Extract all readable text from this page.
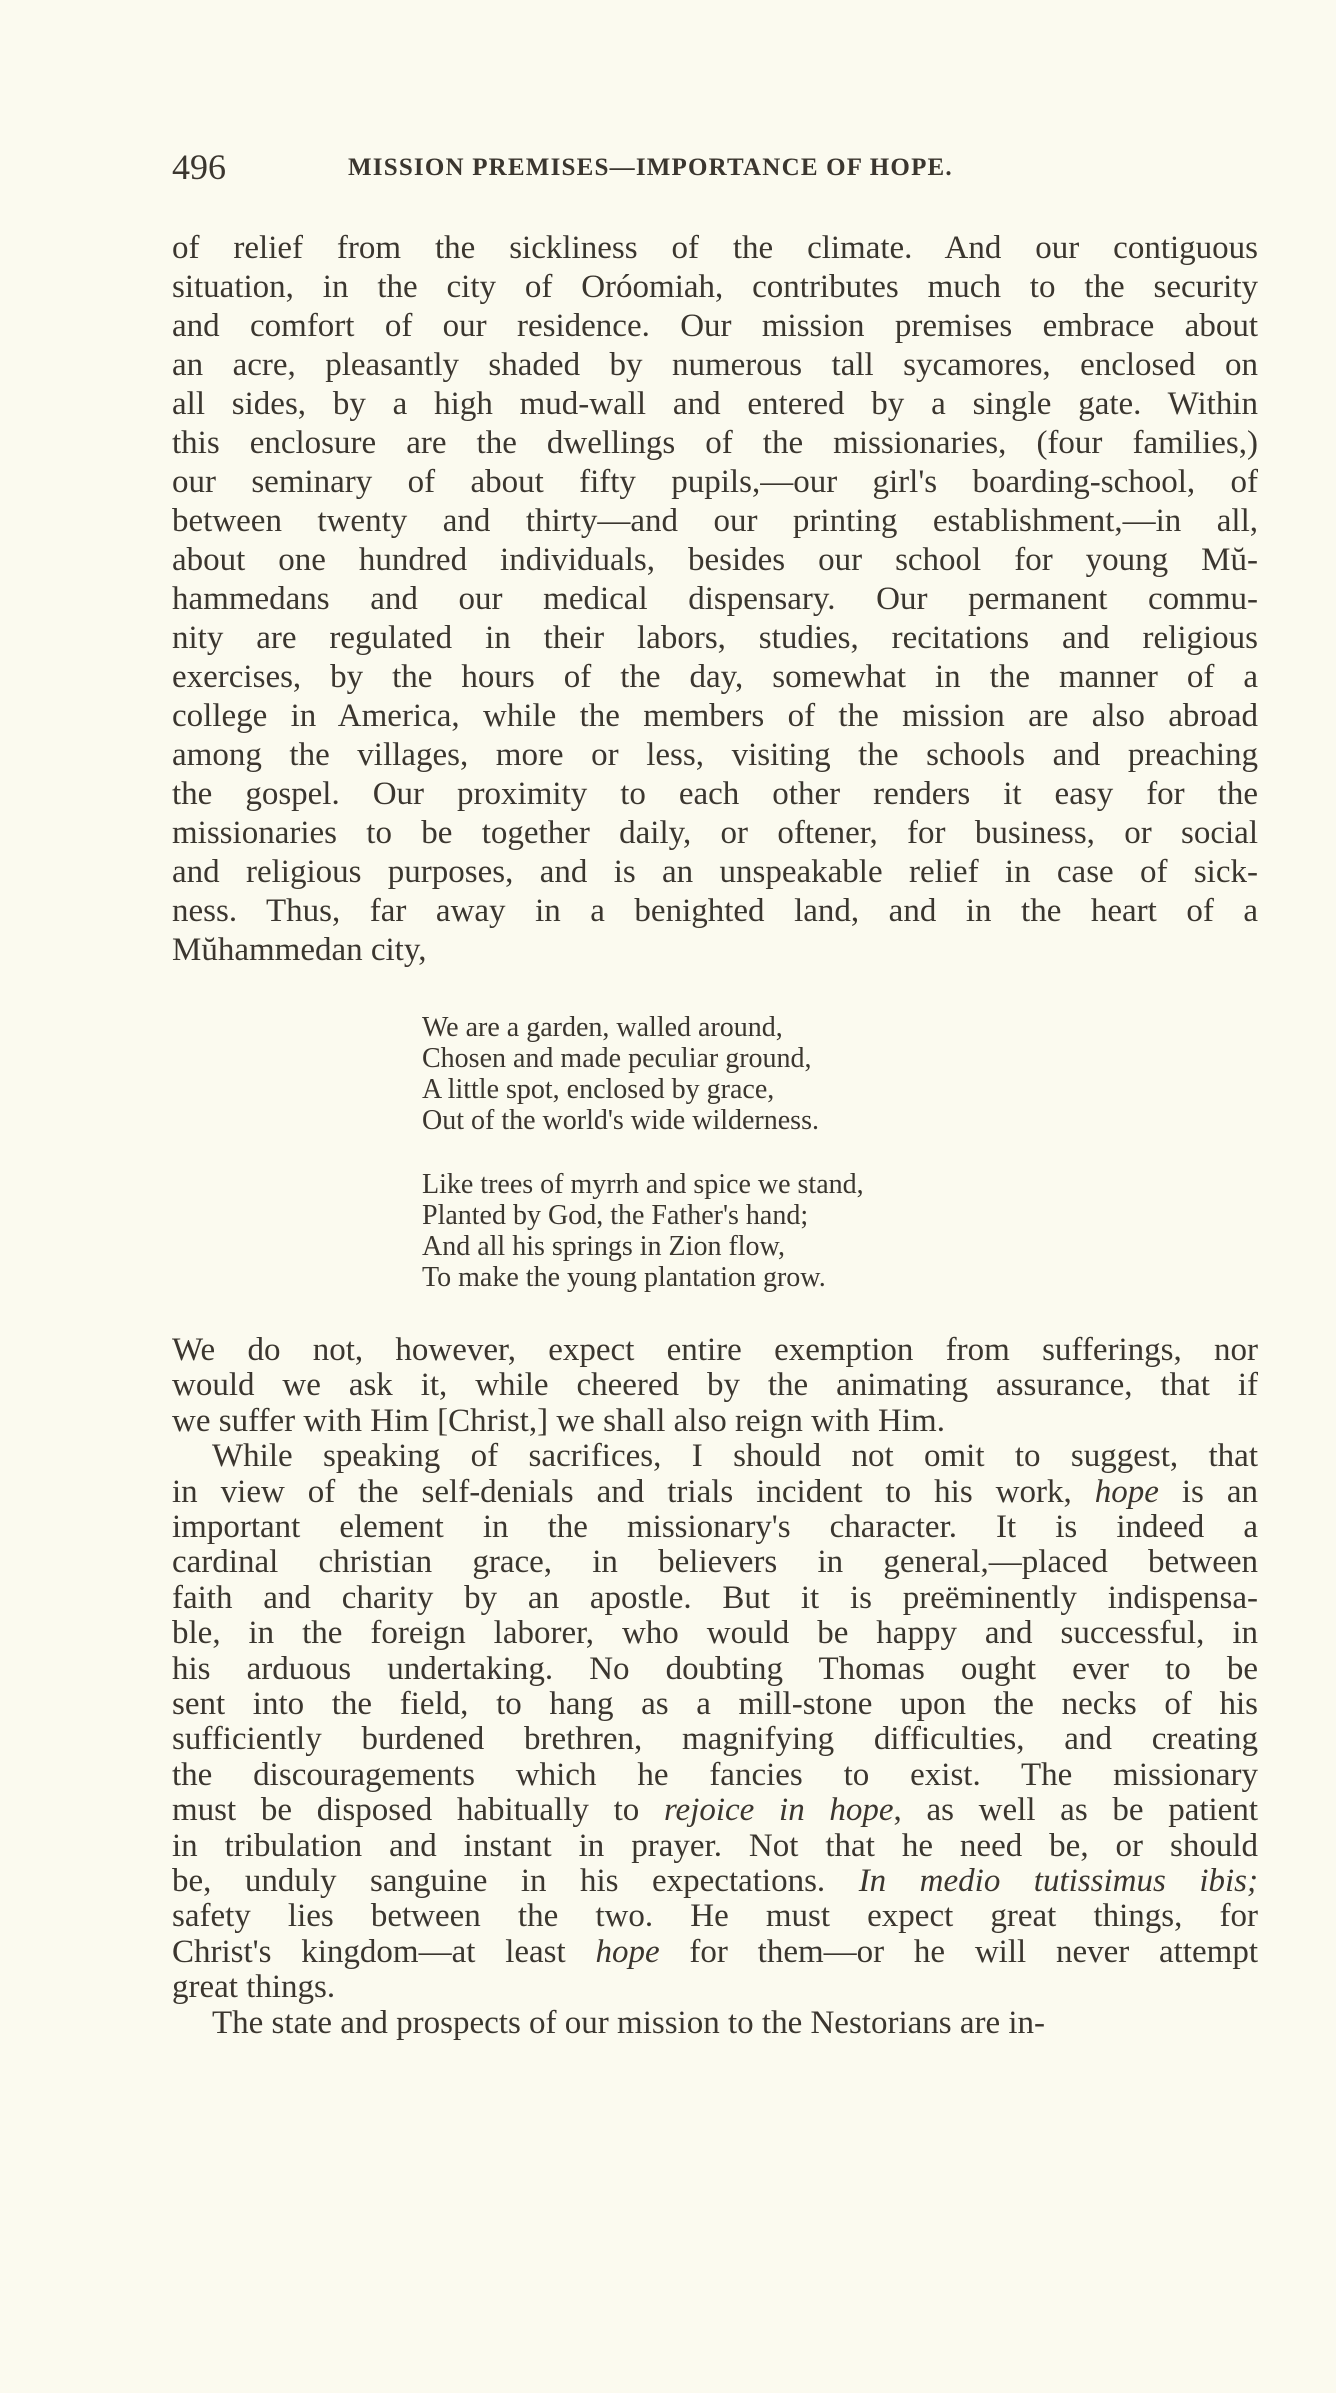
496	MISSION PREMISES—IMPORTANCE OF HOPE.
of relief from the sickliness of the climate. And our contiguous
situation, in the city of Oróomiah, contributes much to the security
and comfort of our residence. Our mission premises embrace about
an acre, pleasantly shaded by numerous tall sycamores, enclosed on
all sides, by a high mud-wall and entered by a single gate. Within
this enclosure are the dwellings of the missionaries, (four families,)
our seminary of about fifty pupils,—our girl's boarding-school, of
between twenty and thirty—and our printing establishment,—in all,
about one hundred individuals, besides our school for young Mŭ-
hammedans and our medical dispensary. Our permanent commu-
nity are regulated in their labors, studies, recitations and religious
exercises, by the hours of the day, somewhat in the manner of a
college in America, while the members of the mission are also abroad
among the villages, more or less, visiting the schools and preaching
the gospel. Our proximity to each other renders it easy for the
missionaries to be together daily, or oftener, for business, or social
and religious purposes, and is an unspeakable relief in case of sick-
ness. Thus, far away in a benighted land, and in the heart of a
Mŭhammedan city,
We are a garden, walled around,
Chosen and made peculiar ground,
A little spot, enclosed by grace,
Out of the world's wide wilderness.
Like trees of myrrh and spice we stand,
Planted by God, the Father's hand;
And all his springs in Zion flow,
To make the young plantation grow.
We do not, however, expect entire exemption from sufferings, nor
would we ask it, while cheered by the animating assurance, that if
we suffer with Him [Christ,] we shall also reign with Him.
While speaking of sacrifices, I should not omit to suggest, that
in view of the self-denials and trials incident to his work, hope is an
important element in the missionary's character. It is indeed a
cardinal christian grace, in believers in general,—placed between
faith and charity by an apostle. But it is preëminently indispensa-
ble, in the foreign laborer, who would be happy and successful, in
his arduous undertaking. No doubting Thomas ought ever to be
sent into the field, to hang as a mill-stone upon the necks of his
sufficiently burdened brethren, magnifying difficulties, and creating
the discouragements which he fancies to exist. The missionary
must be disposed habitually to rejoice in hope, as well as be patient
in tribulation and instant in prayer. Not that he need be, or should
be, unduly sanguine in his expectations. In medio tutissimus ibis;
safety lies between the two. He must expect great things, for
Christ's kingdom—at least hope for them—or he will never attempt
great things.
The state and prospects of our mission to the Nestorians are in-
